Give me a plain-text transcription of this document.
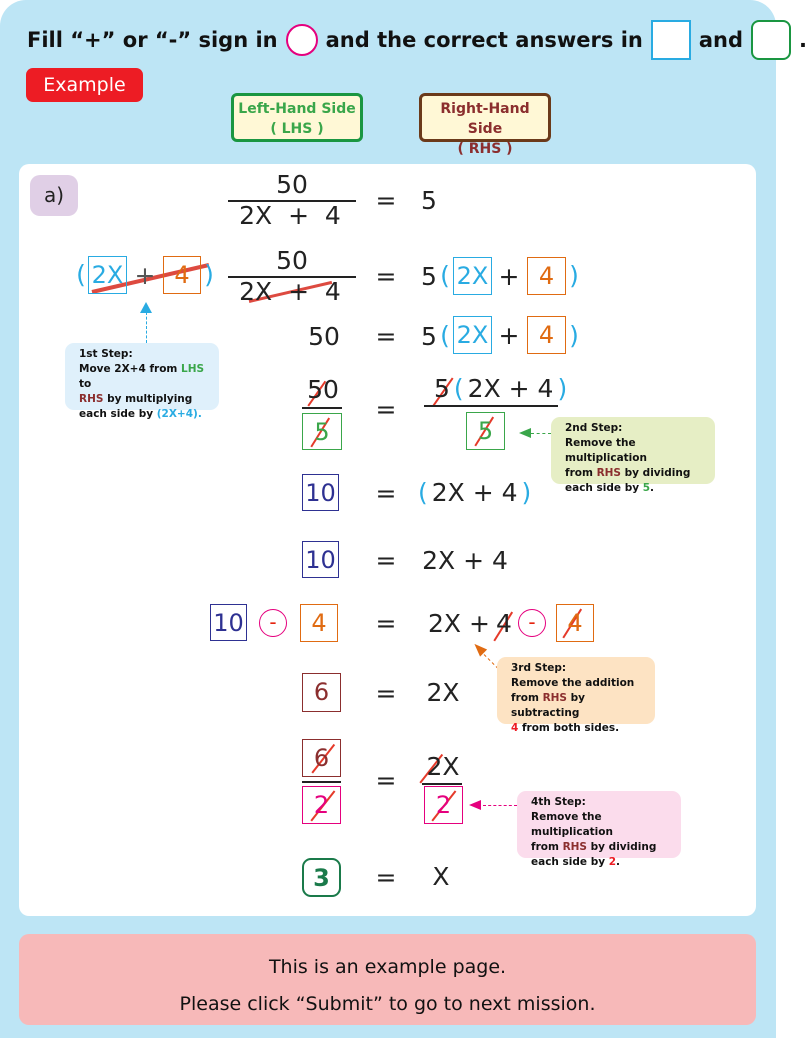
Fill “+” or “-” sign in and the correct answers in	and	.
Example
Left-Hand Side
( LHS )
Right-Hand Side
( RHS )
a)	50
2X  +  4
= 5
( 2X + 4 ) 50
2X  +  4
= 5 ( 2X + 4 )
1st Step:
Move 2X+4 from LHS to
RHS by multiplying
each side by (2X+4).
50 = 5 ( 2X + 4 )
50
5
=
5 ( 2X + 4 )
5	2nd Step:
Remove the multiplication
from RHS by dividing
each side by 5.
10 = ( 2X + 4 )
10 = 2X + 4
10	-	4	= 2X + 4 -	4
3rd Step:
Remove the addition
from RHS by subtracting
4 from both sides.
6	= 2X
6
2
= 2X
2	4th Step:
Remove the multiplication
from RHS by dividing
each side by 2.
3	= X
This is an example page.
Please click “Submit” to go to next mission.
